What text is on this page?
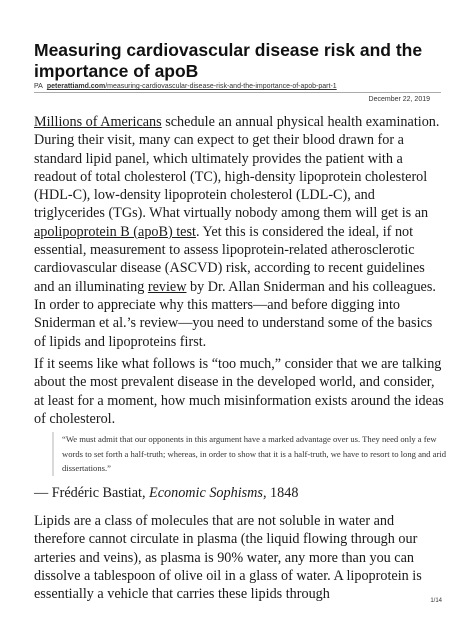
Measuring cardiovascular disease risk and the importance of apoB
PA peterattiamd.com/measuring-cardiovascular-disease-risk-and-the-importance-of-apob-part-1
December 22, 2019

Millions of Americans schedule an annual physical health examination. During their visit, many can expect to get their blood drawn for a standard lipid panel, which ultimately provides the patient with a readout of total cholesterol (TC), high-density lipoprotein cholesterol (HDL-C), low-density lipoprotein cholesterol (LDL-C), and triglycerides (TGs). What virtually nobody among them will get is an apolipoprotein B (apoB) test. Yet this is considered the ideal, if not essential, measurement to assess lipoprotein-related atherosclerotic cardiovascular disease (ASCVD) risk, according to recent guidelines and an illuminating review by Dr. Allan Sniderman and his colleagues. In order to appreciate why this matters—and before digging into Sniderman et al.’s review—you need to understand some of the basics of lipids and lipoproteins first.

If it seems like what follows is “too much,” consider that we are talking about the most prevalent disease in the developed world, and consider, at least for a moment, how much misinformation exists around the ideas of cholesterol.

“We must admit that our opponents in this argument have a marked advantage over us. They need only a few words to set forth a half-truth; whereas, in order to show that it is a half-truth, we have to resort to long and arid dissertations.”
— Frédéric Bastiat, Economic Sophisms, 1848

Lipids are a class of molecules that are not soluble in water and therefore cannot circulate in plasma (the liquid flowing through our arteries and veins), as plasma is 90% water, any more than you can dissolve a tablespoon of olive oil in a glass of water. A lipoprotein is essentially a vehicle that carries these lipids through	1/14
